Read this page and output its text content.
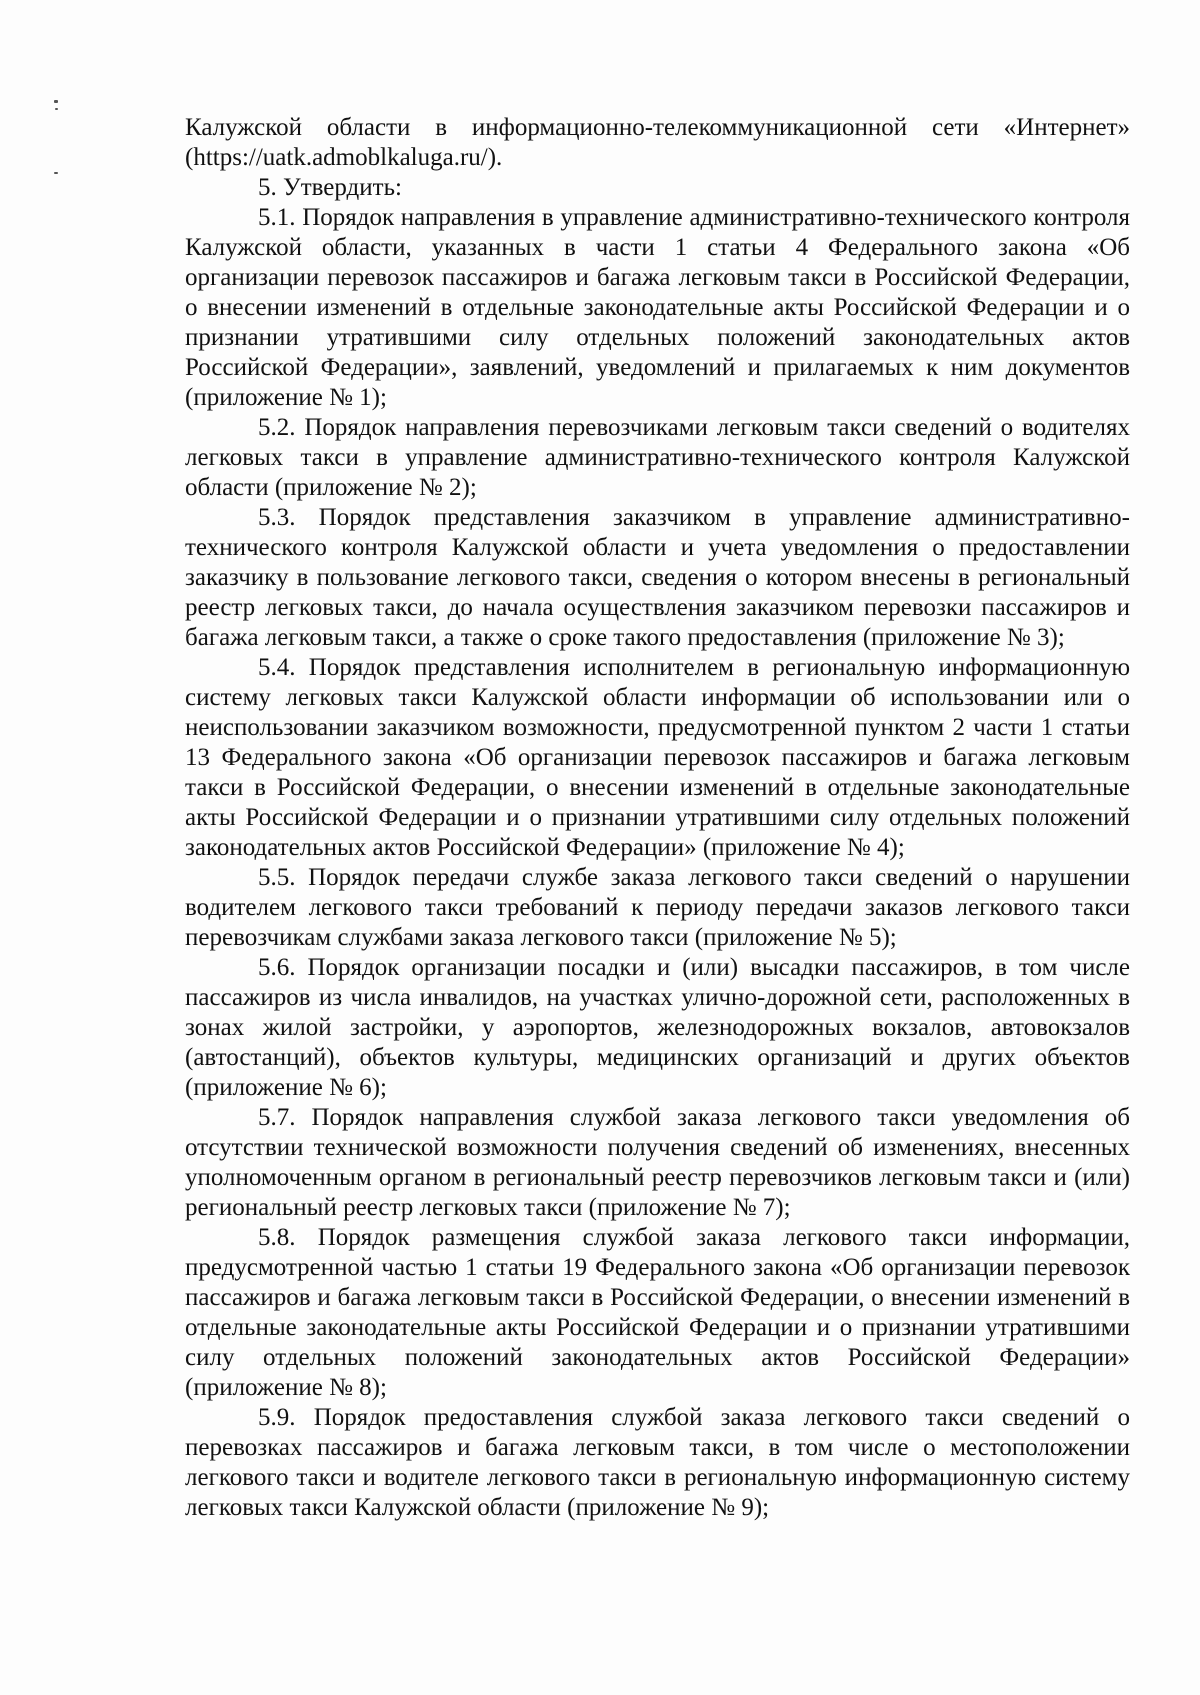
Калужской области в информационно-телекоммуникационной сети «Интернет» (https://uatk.admoblkaluga.ru/).

5. Утвердить:

5.1. Порядок направления в управление административно-технического контроля Калужской области, указанных в части 1 статьи 4 Федерального закона «Об организации перевозок пассажиров и багажа легковым такси в Российской Федерации, о внесении изменений в отдельные законодательные акты Российской Федерации и о признании утратившими силу отдельных положений законодательных актов Российской Федерации», заявлений, уведомлений и прилагаемых к ним документов (приложение № 1);

5.2. Порядок направления перевозчиками легковым такси сведений о водителях легковых такси в управление административно-технического контроля Калужской области (приложение № 2);

5.3. Порядок представления заказчиком в управление административно-технического контроля Калужской области и учета уведомления о предоставлении заказчику в пользование легкового такси, сведения о котором внесены в региональный реестр легковых такси, до начала осуществления заказчиком перевозки пассажиров и багажа легковым такси, а также о сроке такого предоставления (приложение № 3);

5.4. Порядок представления исполнителем в региональную информационную систему легковых такси Калужской области информации об использовании или о неиспользовании заказчиком возможности, предусмотренной пунктом 2 части 1 статьи 13 Федерального закона «Об организации перевозок пассажиров и багажа легковым такси в Российской Федерации, о внесении изменений в отдельные законодательные акты Российской Федерации и о признании утратившими силу отдельных положений законодательных актов Российской Федерации» (приложение № 4);

5.5. Порядок передачи службе заказа легкового такси сведений о нарушении водителем легкового такси требований к периоду передачи заказов легкового такси перевозчикам службами заказа легкового такси (приложение № 5);

5.6. Порядок организации посадки и (или) высадки пассажиров, в том числе пассажиров из числа инвалидов, на участках улично-дорожной сети, расположенных в зонах жилой застройки, у аэропортов, железнодорожных вокзалов, автовокзалов (автостанций), объектов культуры, медицинских организаций и других объектов (приложение № 6);

5.7. Порядок направления службой заказа легкового такси уведомления об отсутствии технической возможности получения сведений об изменениях, внесенных уполномоченным органом в региональный реестр перевозчиков легковым такси и (или) региональный реестр легковых такси (приложение № 7);

5.8. Порядок размещения службой заказа легкового такси информации, предусмотренной частью 1 статьи 19 Федерального закона «Об организации перевозок пассажиров и багажа легковым такси в Российской Федерации, о внесении изменений в отдельные законодательные акты Российской Федерации и о признании утратившими силу отдельных положений законодательных актов Российской Федерации» (приложение № 8);

5.9. Порядок предоставления службой заказа легкового такси сведений о перевозках пассажиров и багажа легковым такси, в том числе о местоположении легкового такси и водителе легкового такси в региональную информационную систему легковых такси Калужской области (приложение № 9);
